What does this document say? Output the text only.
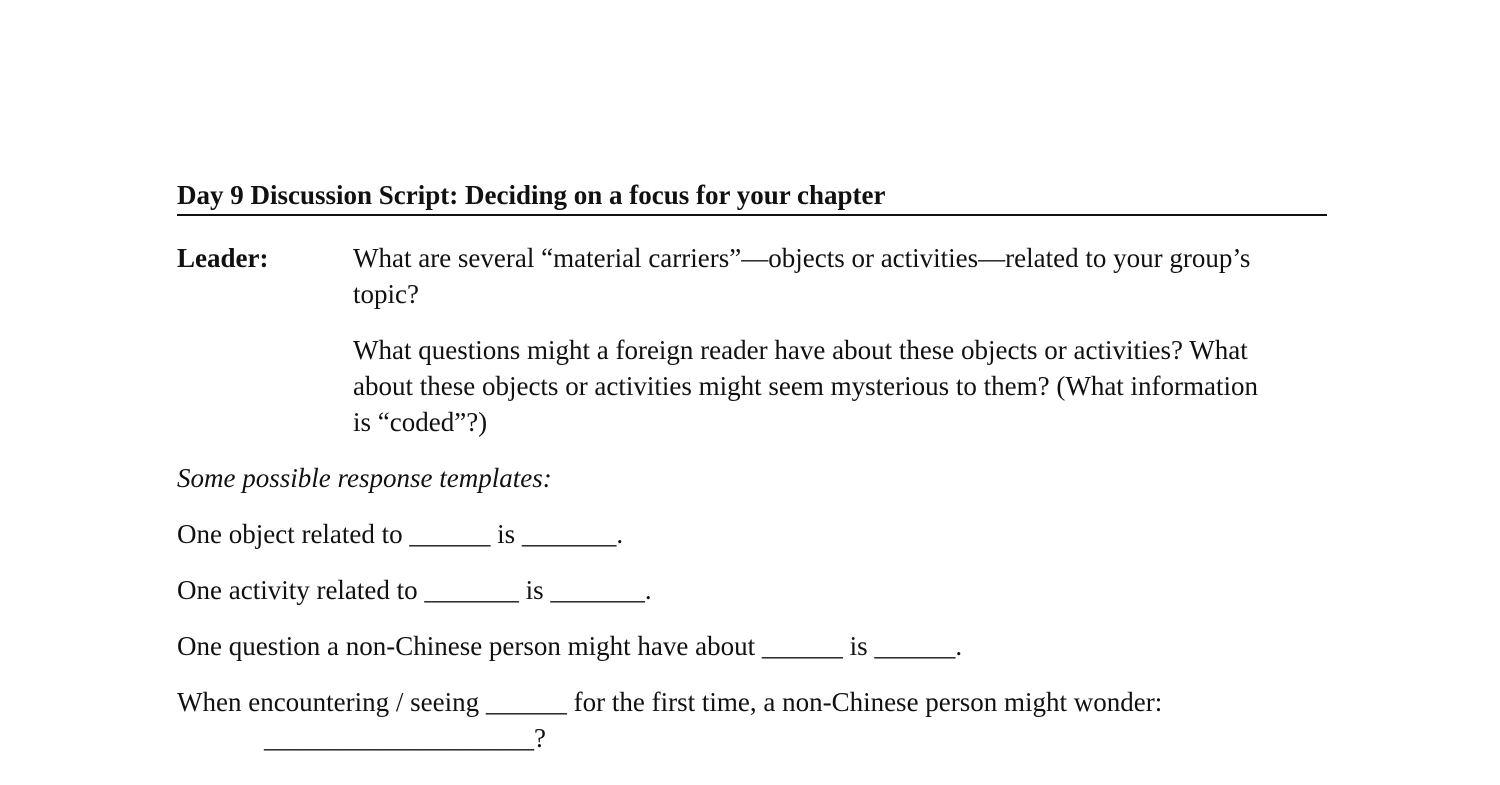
Day 9 Discussion Script: Deciding on a focus for your chapter
Leader:	What are several “material carriers”—objects or activities—related to your group’s topic?

What questions might a foreign reader have about these objects or activities? What about these objects or activities might seem mysterious to them? (What information is “coded”?)

Some possible response templates:

One object related to ______ is _______.

One activity related to _______ is _______.

One question a non-Chinese person might have about ______ is ______.

When encountering / seeing ______ for the first time, a non-Chinese person might wonder:

____________________?
